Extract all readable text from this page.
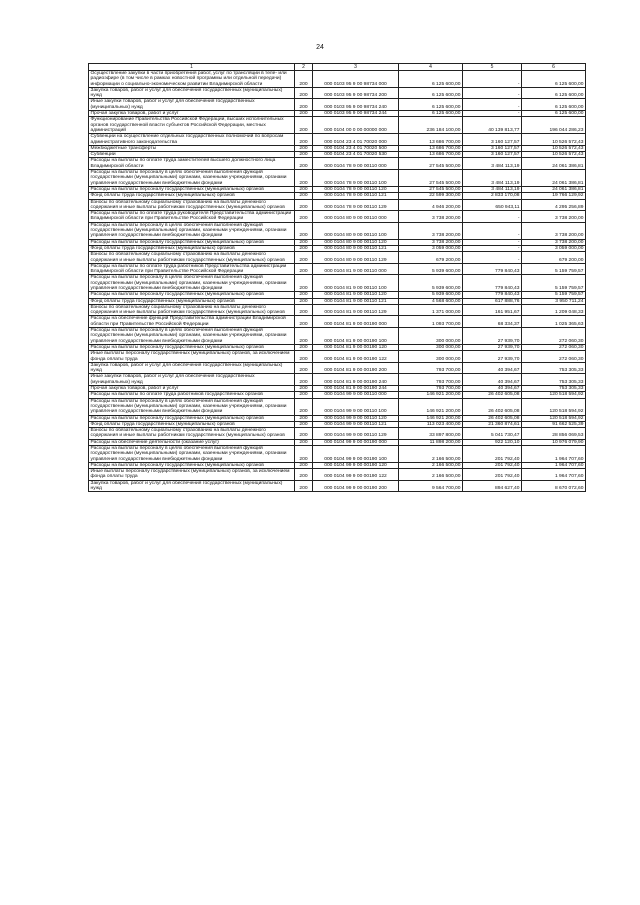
24
1	2	3	4	5	6
Осуществление закупки в части приобретения работ, услуг по трансляции в теле- или радиоэфире (в том числе в рамках новостной программы или отдельной передачи) информации о социально-экономическом развитии Владимирской области	200	000 0103 95 9 00 98734 000	6 125 600,00	-	6 125 600,00
Закупка товаров, работ и услуг для обеспечения государственных (муниципальных) нужд	200	000 0103 95 9 00 98734 200	6 125 600,00	-	6 125 600,00
Иные закупки товаров, работ и услуг для обеспечения государственных (муниципальных) нужд	200	000 0103 95 9 00 98734 240	6 125 600,00	-	6 125 600,00
Прочая закупка товаров, работ и услуг	200	000 0103 95 9 00 98734 244	6 125 600,00	-	6 125 600,00
Функционирование Правительства Российской Федерации, высших исполнительных органов государственной власти субъектов Российской Федерации, местных администраций	200	000 0104 00 0 00 00000 000	236 184 100,00	40 139 813,77	196 044 286,23
Субвенции на осуществление отдельных государственных полномочий по вопросам административного законодательства	200	000 0104 23 4 01 70020 000	13 686 700,00	3 160 127,57	10 526 572,43
Межбюджетные трансферты	200	000 0104 23 4 01 70020 500	13 686 700,00	3 160 127,57	10 526 572,43
Субвенции	200	000 0104 23 4 01 70020 530	13 686 700,00	3 160 127,57	10 526 572,43
Расходы на выплаты по оплате труда заместителей высшего должностного лица Владимирской области	200	000 0104 78 9 00 00110 000	27 545 500,00	3 484 113,19	24 061 386,81
Расходы на выплаты персоналу в целях обеспечения выполнения функций государственными (муниципальными) органами, казенными учреждениями, органами управления государственными внебюджетными фондами	200	000 0104 78 9 00 00110 100	27 545 500,00	3 484 113,19	24 061 386,81
Расходы на выплаты персоналу государственных (муниципальных) органов	200	000 0104 78 9 00 00110 120	27 545 500,00	3 484 113,19	24 061 386,81
Фонд оплаты труда государственных (муниципальных) органов	200	000 0104 78 9 00 00110 121	22 599 300,00	2 833 170,08	19 766 129,92
Взносы по обязательному социальному страхованию на выплаты денежного содержания и иные выплаты работникам государственных (муниципальных) органов	200	000 0104 78 9 00 00110 129	4 946 200,00	650 943,11	4 295 256,89
Расходы на выплаты по оплате труда руководителя Представительства администрации Владимирской области при Правительстве Российской Федерации	200	000 0104 80 9 00 00110 000	3 738 200,00	-	3 738 200,00
Расходы на выплаты персоналу в целях обеспечения выполнения функций государственными (муниципальными) органами, казенными учреждениями, органами управления государственными внебюджетными фондами	200	000 0104 80 9 00 00110 100	3 738 200,00	-	3 738 200,00
Расходы на выплаты персоналу государственных (муниципальных) органов	200	000 0104 80 9 00 00110 120	3 738 200,00	-	3 738 200,00
Фонд оплаты труда государственных (муниципальных) органов	200	000 0104 80 9 00 00110 121	3 059 000,00	-	3 059 000,00
Взносы по обязательному социальному страхованию на выплаты денежного содержания и иные выплаты работникам государственных (муниципальных) органов	200	000 0104 80 9 00 00110 129	679 200,00	-	679 200,00
Расходы на выплаты по оплате труда работников Представительства администрации Владимирской области при Правительстве Российской Федерации	200	000 0104 81 9 00 00110 000	5 939 600,00	779 840,43	5 159 759,57
Расходы на выплаты персоналу в целях обеспечения выполнения функций государственными (муниципальными) органами, казенными учреждениями, органами управления государственными внебюджетными фондами	200	000 0104 81 9 00 00110 100	5 939 600,00	779 840,43	5 159 759,57
Расходы на выплаты персоналу государственных (муниципальных) органов	200	000 0104 81 9 00 00110 120	5 939 600,00	779 840,43	5 159 759,57
Фонд оплаты труда государственных (муниципальных) органов	200	000 0104 81 9 00 00110 121	4 568 600,00	617 888,76	3 950 711,24
Взносы по обязательному социальному страхованию на выплаты денежного содержания и иные выплаты работникам государственных (муниципальных) органов	200	000 0104 81 9 00 00110 129	1 371 000,00	161 951,67	1 209 048,33
Расходы на обеспечение функций Представительства администрации Владимирской области при Правительстве Российской Федерации	200	000 0104 81 9 00 00190 000	1 093 700,00	68 334,37	1 025 365,63
Расходы на выплаты персоналу в целях обеспечения выполнения функций государственными (муниципальными) органами, казенными учреждениями, органами управления государственными внебюджетными фондами	200	000 0104 81 9 00 00190 100	300 000,00	27 939,70	272 060,30
Расходы на выплаты персоналу государственных (муниципальных) органов	200	000 0104 81 9 00 00190 120	300 000,00	27 939,70	272 060,30
Иные выплаты персоналу государственных (муниципальных) органов, за исключением фонда оплаты труда	200	000 0104 81 9 00 00190 122	300 000,00	27 939,70	272 060,30
Закупка товаров, работ и услуг для обеспечения государственных (муниципальных) нужд	200	000 0104 81 9 00 00190 200	793 700,00	40 394,67	753 305,33
Иные закупки товаров, работ и услуг для обеспечения государственных (муниципальных) нужд	200	000 0104 81 9 00 00190 240	793 700,00	40 394,67	753 305,33
Прочая закупка товаров, работ и услуг	200	000 0104 81 9 00 00190 244	793 700,00	40 394,67	753 305,33
Расходы на выплаты по оплате труда работников государственных органов	200	000 0104 99 9 00 00110 000	146 921 200,00	26 402 605,08	120 518 594,92
Расходы на выплаты персоналу в целях обеспечения выполнения функций государственными (муниципальными) органами, казенными учреждениями, органами управления государственными внебюджетными фондами	200	000 0104 99 9 00 00110 100	146 921 200,00	26 402 605,08	120 518 594,92
Расходы на выплаты персоналу государственных (муниципальных) органов	200	000 0104 99 9 00 00110 120	146 921 200,00	26 402 605,08	120 518 594,92
Фонд оплаты труда государственных (муниципальных) органов	200	000 0104 99 9 00 00110 121	113 023 400,00	21 360 874,61	91 662 525,39
Взносы по обязательному социальному страхованию на выплаты денежного содержания и иные выплаты работникам государственных (муниципальных) органов	200	000 0104 99 9 00 00110 129	33 897 800,00	5 041 730,47	28 856 069,53
Расходы на обеспечение деятельности (оказание услуг)	200	000 0104 99 9 00 00190 000	11 898 200,00	922 120,10	10 976 079,90
Расходы на выплаты персоналу в целях обеспечения выполнения функций государственными (муниципальными) органами, казенными учреждениями, органами управления государственными внебюджетными фондами	200	000 0104 99 9 00 00190 100	2 166 500,00	201 792,40	1 964 707,60
Расходы на выплаты персоналу государственных (муниципальных) органов	200	000 0104 99 9 00 00190 120	2 166 500,00	201 792,40	1 964 707,60
Иные выплаты персоналу государственных (муниципальных) органов, за исключением фонда оплаты труда	200	000 0104 99 9 00 00190 122	2 166 500,00	201 792,40	1 964 707,60
Закупка товаров, работ и услуг для обеспечения государственных (муниципальных) нужд	200	000 0104 99 9 00 00190 200	9 564 700,00	894 627,40	8 670 072,60
